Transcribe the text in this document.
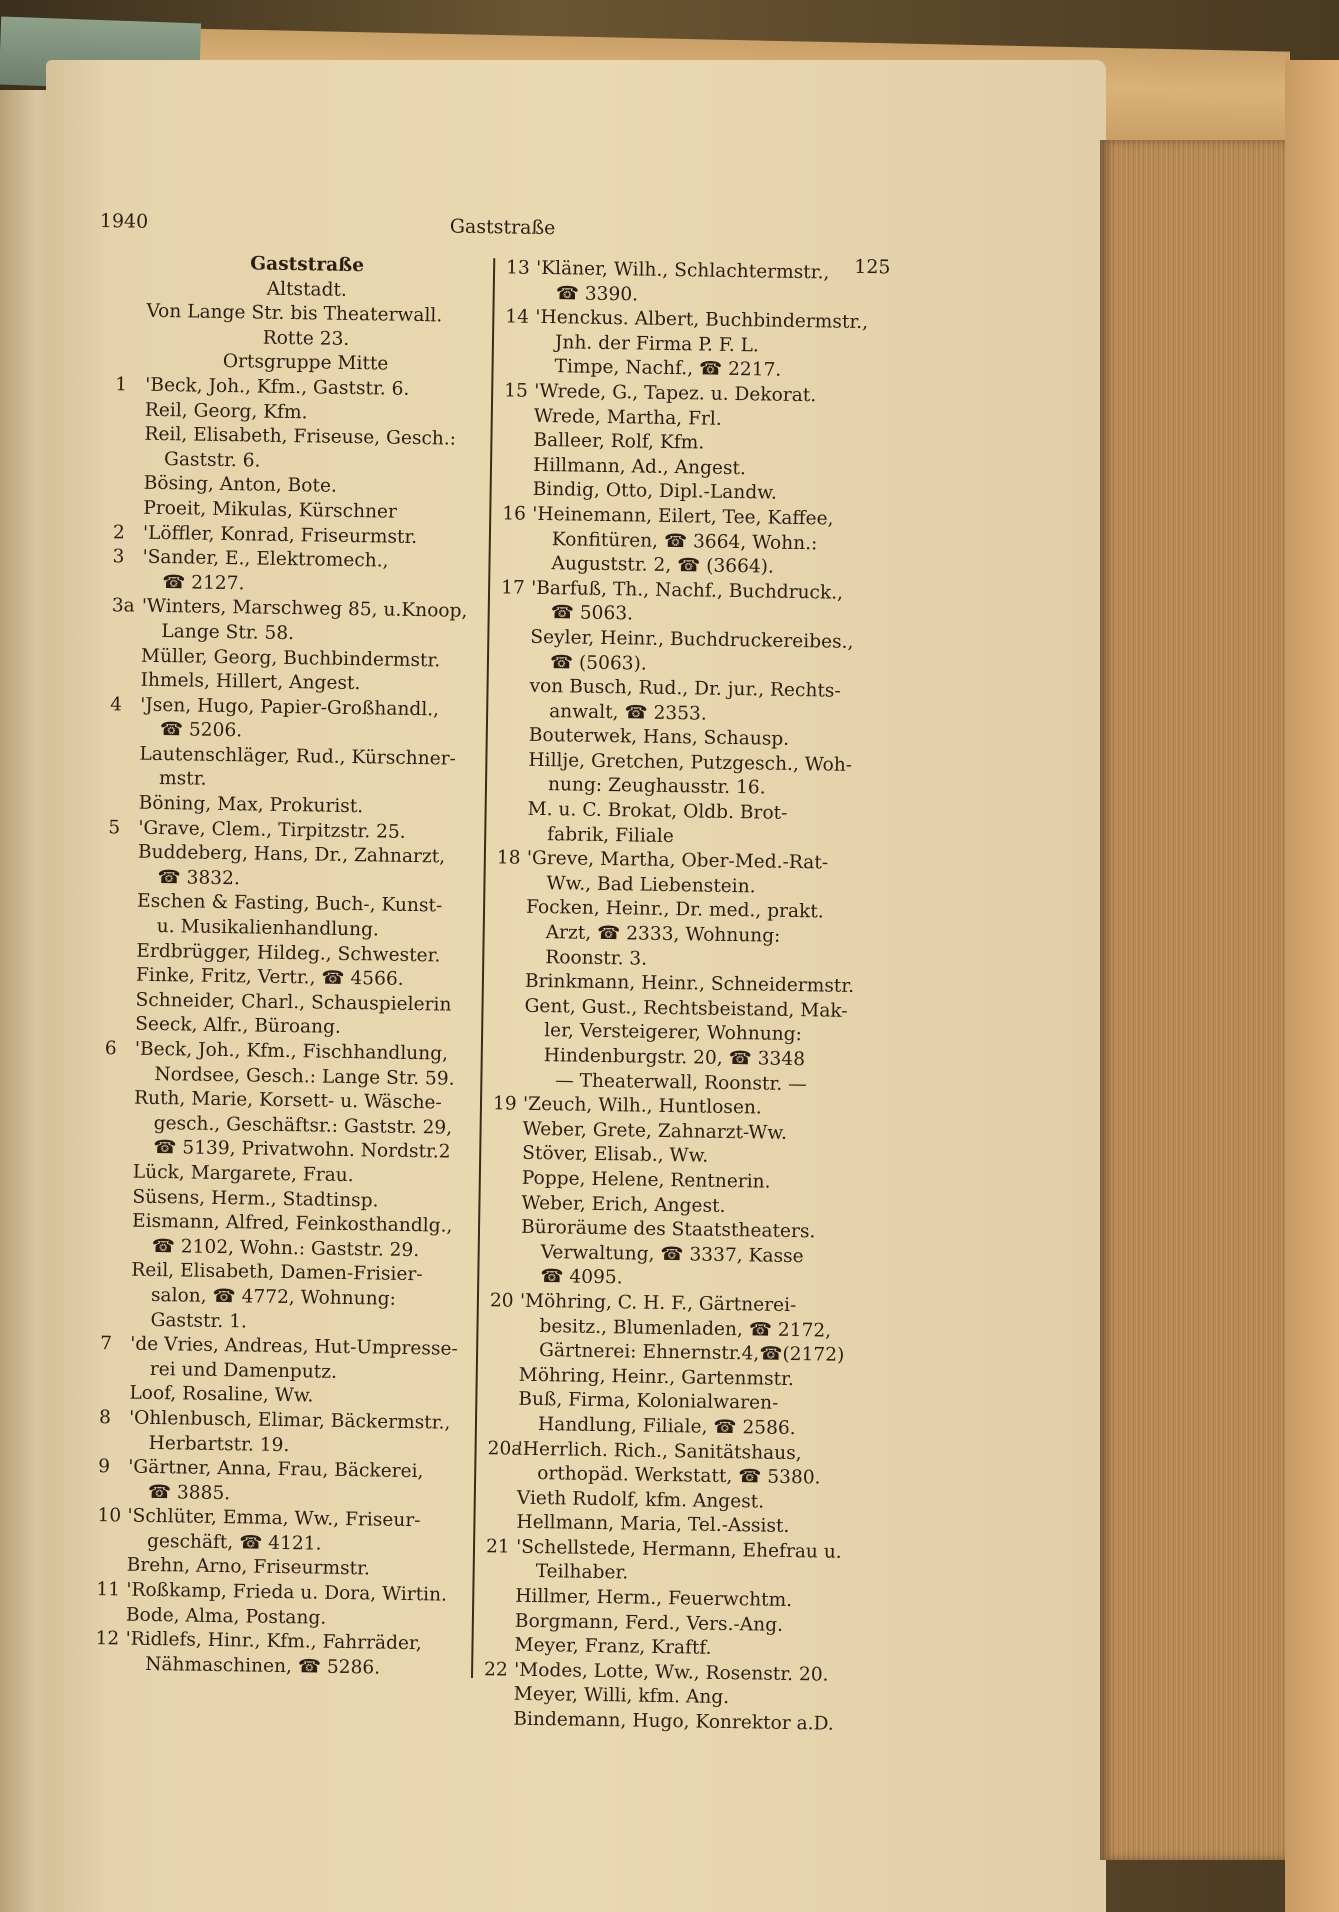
1940	Gaststraße
125
Gaststraße
Altstadt.
Von Lange Str. bis Theaterwall.
Rotte 23.
Ortsgruppe Mitte
1 'Beck, Joh., Kfm., Gaststr. 6.
Reil, Georg, Kfm.
Reil, Elisabeth, Friseuse, Gesch.:
Gaststr. 6.
Bösing, Anton, Bote.
Proeit, Mikulas, Kürschner
2 'Löffler, Konrad, Friseurmstr.
3 'Sander, E., Elektromech.,
☎ 2127.
3a 'Winters, Marschweg 85, u.Knoop,
Lange Str. 58.
Müller, Georg, Buchbindermstr.
Ihmels, Hillert, Angest.
4 'Jsen, Hugo, Papier-Großhandl.,
☎ 5206.
Lautenschläger, Rud., Kürschner-
mstr.
Böning, Max, Prokurist.
5 'Grave, Clem., Tirpitzstr. 25.
Buddeberg, Hans, Dr., Zahnarzt,
☎ 3832.
Eschen & Fasting, Buch-, Kunst-
u. Musikalienhandlung.
Erdbrügger, Hildeg., Schwester.
Finke, Fritz, Vertr., ☎ 4566.
Schneider, Charl., Schauspielerin
Seeck, Alfr., Büroang.
6 'Beck, Joh., Kfm., Fischhandlung,
Nordsee, Gesch.: Lange Str. 59.
Ruth, Marie, Korsett- u. Wäsche-
gesch., Geschäftsr.: Gaststr. 29,
☎ 5139, Privatwohn. Nordstr.2
Lück, Margarete, Frau.
Süsens, Herm., Stadtinsp.
Eismann, Alfred, Feinkosthandlg.,
☎ 2102, Wohn.: Gaststr. 29.
Reil, Elisabeth, Damen-Frisier-
salon, ☎ 4772, Wohnung:
Gaststr. 1.
7 'de Vries, Andreas, Hut-Umpresse-
rei und Damenputz.
Loof, Rosaline, Ww.
8 'Ohlenbusch, Elimar, Bäckermstr.,
Herbartstr. 19.
9 'Gärtner, Anna, Frau, Bäckerei,
☎ 3885.
10 'Schlüter, Emma, Ww., Friseur-
geschäft, ☎ 4121.
Brehn, Arno, Friseurmstr.
11 'Roßkamp, Frieda u. Dora, Wirtin.
Bode, Alma, Postang.
12 'Ridlefs, Hinr., Kfm., Fahrräder,
Nähmaschinen, ☎ 5286.
13 'Kläner, Wilh., Schlachtermstr.,
☎ 3390.
14 'Henckus. Albert, Buchbindermstr.,
Jnh. der Firma P. F. L.
Timpe, Nachf., ☎ 2217.
15 'Wrede, G., Tapez. u. Dekorat.
Wrede, Martha, Frl.
Balleer, Rolf, Kfm.
Hillmann, Ad., Angest.
Bindig, Otto, Dipl.-Landw.
16 'Heinemann, Eilert, Tee, Kaffee,
Konfitüren, ☎ 3664, Wohn.:
Auguststr. 2, ☎ (3664).
17 'Barfuß, Th., Nachf., Buchdruck.,
☎ 5063.
Seyler, Heinr., Buchdruckereibes.,
☎ (5063).
von Busch, Rud., Dr. jur., Rechts-
anwalt, ☎ 2353.
Bouterwek, Hans, Schausp.
Hillje, Gretchen, Putzgesch., Woh-
nung: Zeughausstr. 16.
M. u. C. Brokat, Oldb. Brot-
fabrik, Filiale
18 'Greve, Martha, Ober-Med.-Rat-
Ww., Bad Liebenstein.
Focken, Heinr., Dr. med., prakt.
Arzt, ☎ 2333, Wohnung:
Roonstr. 3.
Brinkmann, Heinr., Schneidermstr.
Gent, Gust., Rechtsbeistand, Mak-
ler, Versteigerer, Wohnung:
Hindenburgstr. 20, ☎ 3348
— Theaterwall, Roonstr. —
19 'Zeuch, Wilh., Huntlosen.
Weber, Grete, Zahnarzt-Ww.
Stöver, Elisab., Ww.
Poppe, Helene, Rentnerin.
Weber, Erich, Angest.
Büroräume des Staatstheaters.
Verwaltung, ☎ 3337, Kasse
☎ 4095.
20 'Möhring, C. H. F., Gärtnerei-
besitz., Blumenladen, ☎ 2172,
Gärtnerei: Ehnernstr.4,☎(2172)
Möhring, Heinr., Gartenmstr.
Buß, Firma, Kolonialwaren-
Handlung, Filiale, ☎ 2586.
20a'Herrlich. Rich., Sanitätshaus,
orthopäd. Werkstatt, ☎ 5380.
Vieth Rudolf, kfm. Angest.
Hellmann, Maria, Tel.-Assist.
21 'Schellstede, Hermann, Ehefrau u.
Teilhaber.
Hillmer, Herm., Feuerwchtm.
Borgmann, Ferd., Vers.-Ang.
Meyer, Franz, Kraftf.
22 'Modes, Lotte, Ww., Rosenstr. 20.
Meyer, Willi, kfm. Ang.
Bindemann, Hugo, Konrektor a.D.
